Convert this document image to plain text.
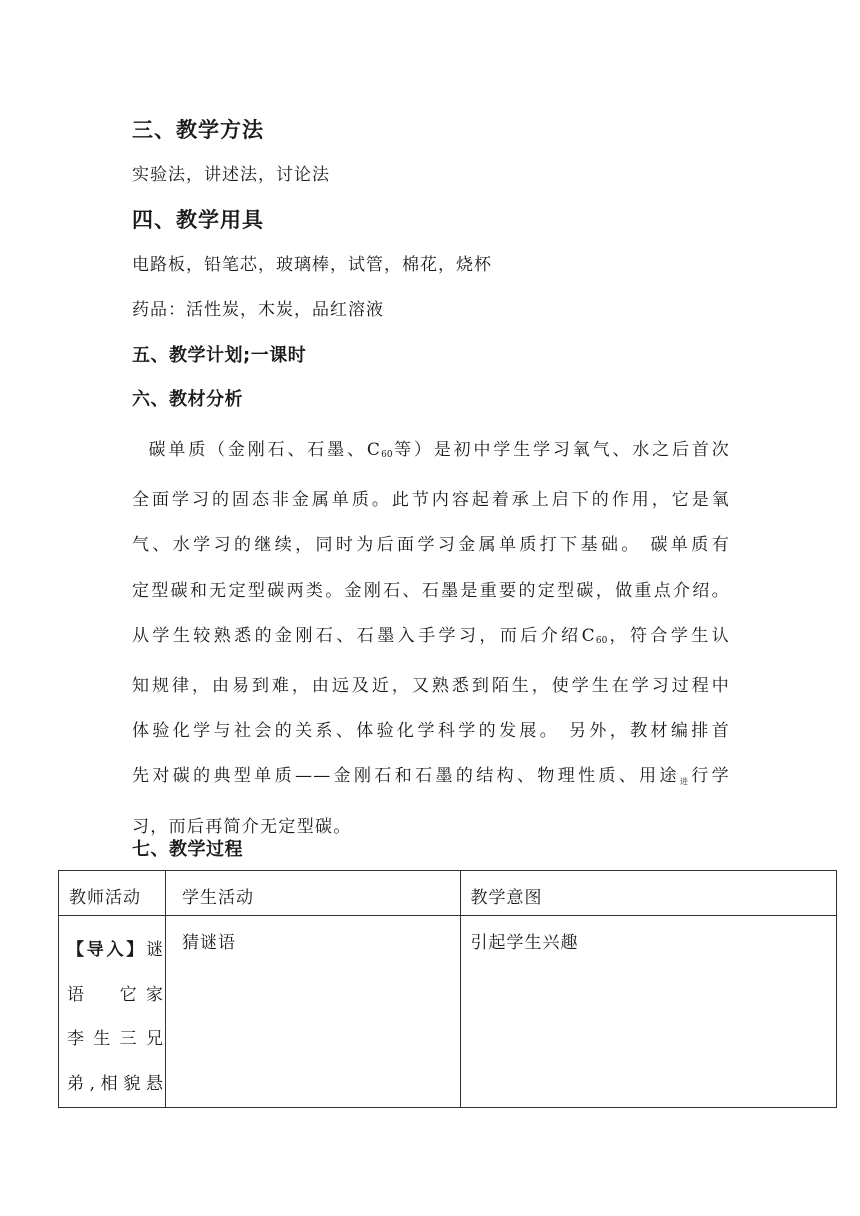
三、教学方法
实验法，讲述法，讨论法
四、教学用具
电路板，铅笔芯，玻璃棒，试管，棉花，烧杯
药品：活性炭，木炭，品红溶液
五、教学计划;一课时
六、教材分析
碳单质（金刚石、石墨、$C_{60}$等）是初中学生学习氧气、水之后首次
全面学习的固态非金属单质。此节内容起着承上启下的作用，它是氧
气、水学习的继续，同时为后面学习金属单质打下基础。 碳单质有
定型碳和无定型碳两类。金刚石、石墨是重要的定型碳，做重点介绍。
从学生较熟悉的金刚石、石墨入手学习，而后介绍$C_{60}$，符合学生认
知规律，由易到难，由远及近，又熟悉到陌生，使学生在学习过程中
体验化学与社会的关系、体验化学科学的发展。 另外，教材编排首
先对碳的典型单质——金刚石和石墨的结构、物理性质、用途进行学
习，而后再简介无定型碳。
七、教学过程
教师活动	学生活动	教学意图

【导入】谜
语　它家
李生三兄
弟,相貌悬	猜谜语	引起学生兴趣
